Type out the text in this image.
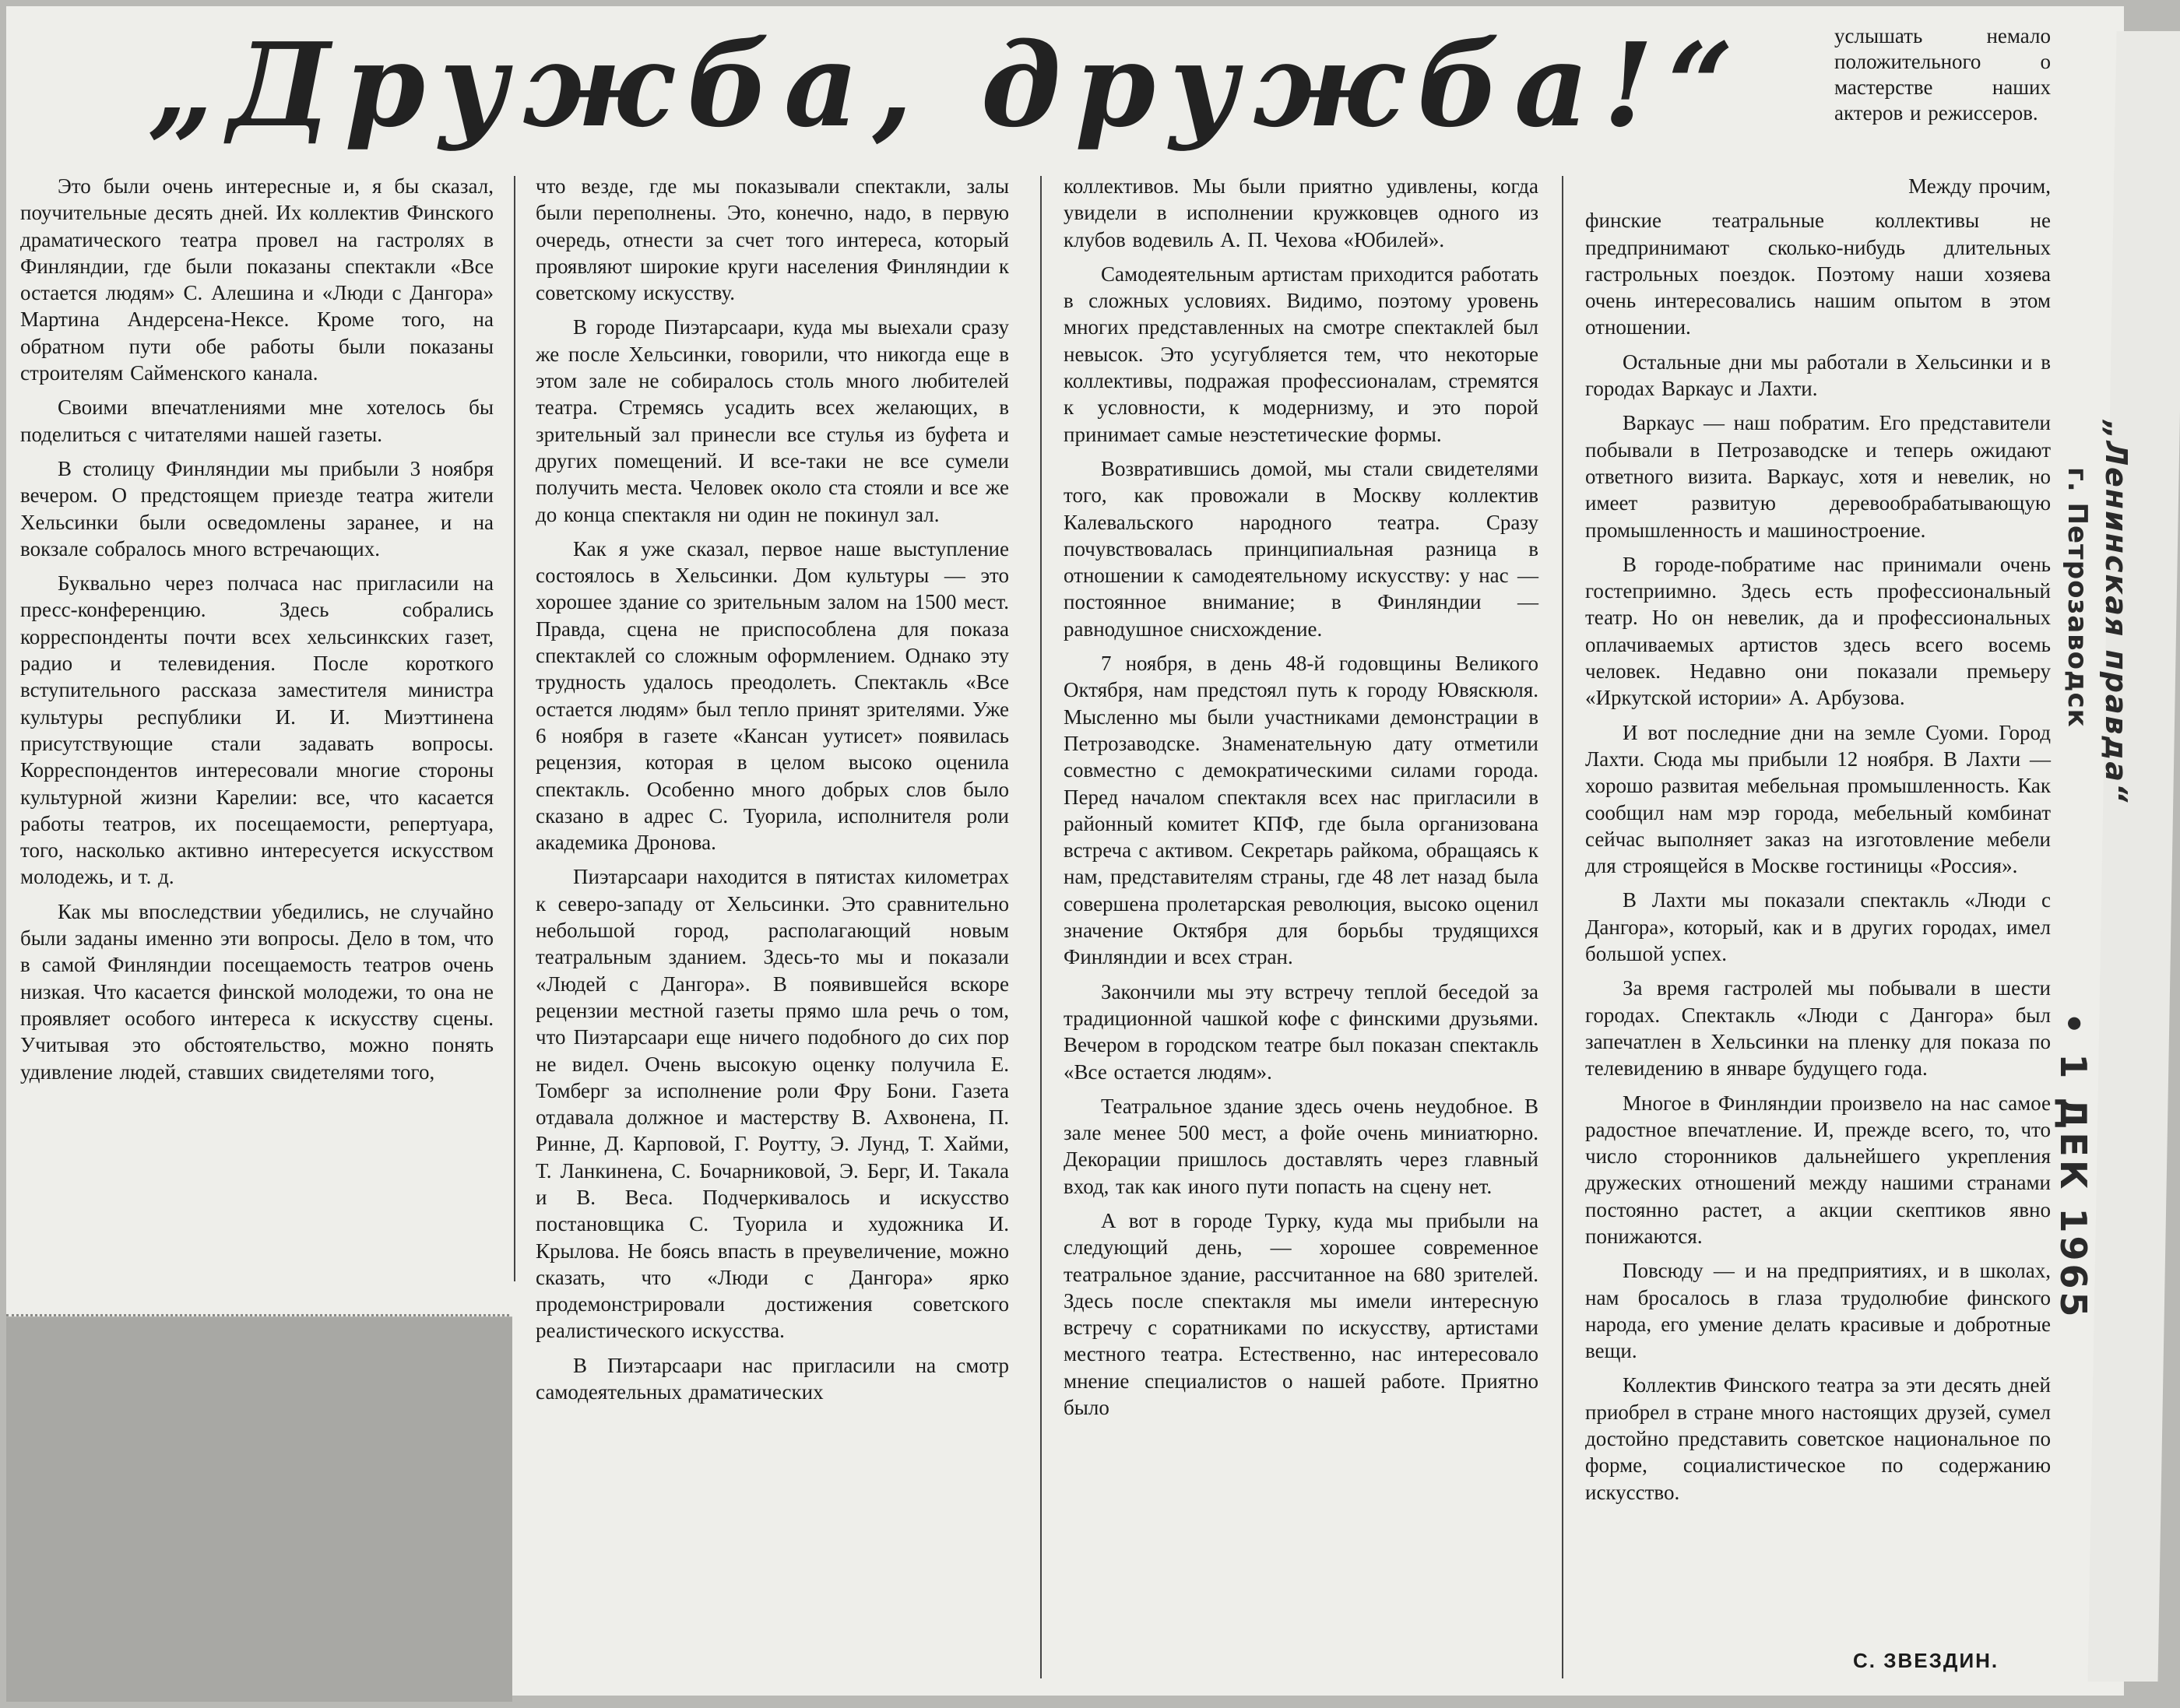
„Дружба, дружба!“	услышать немало положительного о мастерстве наших актеров и режиссеров.

Это были очень интересные и, я бы сказал, поучительные десять дней. Их коллектив Финского драматического театра провел на гастролях в Финляндии, где были показаны спектакли «Все остается людям» С. Алешина и «Люди с Дангора» Мартина Андерсена-Нексе. Кроме того, на обратном пути обе работы были показаны строителям Сайменского канала.

Своими впечатлениями мне хотелось бы поделиться с читателями нашей газеты.

В столицу Финляндии мы прибыли 3 ноября вечером. О предстоящем приезде театра жители Хельсинки были осведомлены заранее, и на вокзале собралось много встречающих.

Буквально через полчаса нас пригласили на пресс-конференцию. Здесь собрались корреспонденты почти всех хельсинкских газет, радио и телевидения. После короткого вступительного рассказа заместителя министра культуры республики И. И. Миэттинена присутствующие стали задавать вопросы. Корреспондентов интересовали многие стороны культурной жизни Карелии: все, что касается работы театров, их посещаемости, репертуара, того, насколько активно интересуется искусством молодежь, и т. д.

Как мы впоследствии убедились, не случайно были заданы именно эти вопросы. Дело в том, что в самой Финляндии посещаемость театров очень низкая. Что касается финской молодежи, то она не проявляет особого интереса к искусству сцены. Учитывая это обстоятельство, можно понять удивление людей, ставших свидетелями того,

что везде, где мы показывали спектакли, залы были переполнены. Это, конечно, надо, в первую очередь, отнести за счет того интереса, который проявляют широкие круги населения Финляндии к советскому искусству.

В городе Пиэтарсаари, куда мы выехали сразу же после Хельсинки, говорили, что никогда еще в этом зале не собиралось столь много любителей театра. Стремясь усадить всех желающих, в зрительный зал принесли все стулья из буфета и других помещений. И все-таки не все сумели получить места. Человек около ста стояли и все же до конца спектакля ни один не покинул зал.

Как я уже сказал, первое наше выступление состоялось в Хельсинки. Дом культуры — это хорошее здание со зрительным залом на 1500 мест. Правда, сцена не приспособлена для показа спектаклей со сложным оформлением. Однако эту трудность удалось преодолеть. Спектакль «Все остается людям» был тепло принят зрителями. Уже 6 ноября в газете «Кансан уутисет» появилась рецензия, которая в целом высоко оценила спектакль. Особенно много добрых слов было сказано в адрес С. Туорила, исполнителя роли академика Дронова.

Пиэтарсаари находится в пятистах километрах к северо-западу от Хельсинки. Это сравнительно небольшой город, располагающий новым театральным зданием. Здесь-то мы и показали «Людей с Дангора». В появившейся вскоре рецензии местной газеты прямо шла речь о том, что Пиэтарсаари еще ничего подобного до сих пор не видел. Очень высокую оценку получила Е. Томберг за исполнение роли Фру Бони. Газета отдавала должное и мастерству В. Ахвонена, П. Ринне, Д. Карповой, Г. Роутту, Э. Лунд, Т. Хайми, Т. Ланкинена, С. Бочарниковой, Э. Берг, И. Такала и В. Веса. Подчеркивалось и искусство постановщика С. Туорила и художника И. Крылова. Не боясь впасть в преувеличение, можно сказать, что «Люди с Дангора» ярко продемонстрировали достижения советского реалистического искусства.

В Пиэтарсаари нас пригласили на смотр самодеятельных драматических

коллективов. Мы были приятно удивлены, когда увидели в исполнении кружковцев одного из клубов водевиль А. П. Чехова «Юбилей».

Самодеятельным артистам приходится работать в сложных условиях. Видимо, поэтому уровень многих представленных на смотре спектаклей был невысок. Это усугубляется тем, что некоторые коллективы, подражая профессионалам, стремятся к условности, к модернизму, и это порой принимает самые неэстетические формы.

Возвратившись домой, мы стали свидетелями того, как провожали в Москву коллектив Калевальского народного театра. Сразу почувствовалась принципиальная разница в отношении к самодеятельному искусству: у нас — постоянное внимание; в Финляндии — равнодушное снисхождение.

7 ноября, в день 48-й годовщины Великого Октября, нам предстоял путь к городу Ювяскюля. Мысленно мы были участниками демонстрации в Петрозаводске. Знаменательную дату отметили совместно с демократическими силами города. Перед началом спектакля всех нас пригласили в районный комитет КПФ, где была организована встреча с активом. Секретарь райкома, обращаясь к нам, представителям страны, где 48 лет назад была совершена пролетарская революция, высоко оценил значение Октября для борьбы трудящихся Финляндии и всех стран.

Закончили мы эту встречу теплой беседой за традиционной чашкой кофе с финскими друзьями. Вечером в городском театре был показан спектакль «Все остается людям».

Театральное здание здесь очень неудобное. В зале менее 500 мест, а фойе очень миниатюрно. Декорации пришлось доставлять через главный вход, так как иного пути попасть на сцену нет.

А вот в городе Турку, куда мы прибыли на следующий день, — хорошее современное театральное здание, рассчитанное на 680 зрителей. Здесь после спектакля мы имели интересную встречу с соратниками по искусству, артистами местного театра. Естественно, нас интересовало мнение специалистов о нашей работе. Приятно было

Между прочим,

финские театральные коллективы не предпринимают сколько-нибудь длительных гастрольных поездок. Поэтому наши хозяева очень интересовались нашим опытом в этом отношении.

Остальные дни мы работали в Хельсинки и в городах Варкаус и Лахти.

Варкаус — наш побратим. Его представители побывали в Петрозаводске и теперь ожидают ответного визита. Варкаус, хотя и невелик, но имеет развитую деревообрабатывающую промышленность и машиностроение.

В городе-побратиме нас принимали очень гостеприимно. Здесь есть профессиональный театр. Но он невелик, да и профессиональных оплачиваемых артистов здесь всего восемь человек. Недавно они показали премьеру «Иркутской истории» А. Арбузова.

И вот последние дни на земле Суоми. Город Лахти. Сюда мы прибыли 12 ноября. В Лахти — хорошо развитая мебельная промышленность. Как сообщил нам мэр города, мебельный комбинат сейчас выполняет заказ на изготовление мебели для строящейся в Москве гостиницы «Россия».

В Лахти мы показали спектакль «Люди с Дангора», который, как и в других городах, имел большой успех.

За время гастролей мы побывали в шести городах. Спектакль «Люди с Дангора» был запечатлен в Хельсинки на пленку для показа по телевидению в январе будущего года.

Многое в Финляндии произвело на нас самое радостное впечатление. И, прежде всего, то, что число сторонников дальнейшего укрепления дружеских отношений между нашими странами постоянно растет, а акции скептиков явно понижаются.

Повсюду — и на предприятиях, и в школах, нам бросалось в глаза трудолюбие финского народа, его умение делать красивые и добротные вещи.

Коллектив Финского театра за эти десять дней приобрел в стране много настоящих друзей, сумел достойно представить советское национальное по форме, социалистическое по содержанию искусство.

С. ЗВЕЗДИН.
„Ленинская правда“
г. Петрозаводск
• 1 ДЕК 1965
